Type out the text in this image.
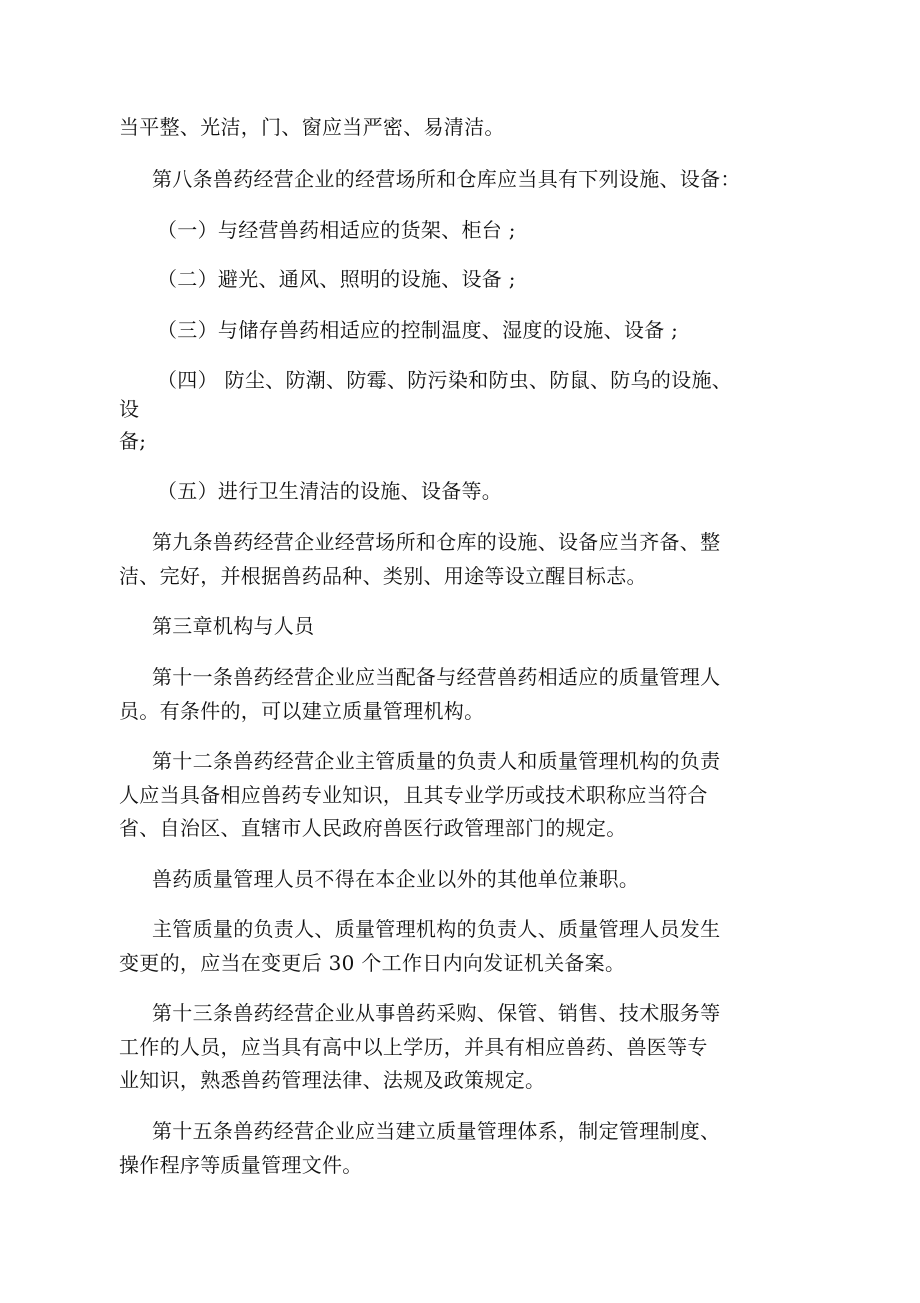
当平整、光洁，门、窗应当严密、易清洁。
第八条兽药经营企业的经营场所和仓库应当具有下列设施、设备：
（一）与经营兽药相适应的货架、柜台 ;
（二）避光、通风、照明的设施、设备 ;
（三）与储存兽药相适应的控制温度、湿度的设施、设备 ;
（四） 防尘、防潮、防霉、防污染和防虫、防鼠、防乌的设施、
设
备;
（五）进行卫生清洁的设施、设备等。
第九条兽药经营企业经营场所和仓库的设施、设备应当齐备、整
洁、完好，并根据兽药品种、类别、用途等设立醒目标志。
第三章机构与人员
第十一条兽药经营企业应当配备与经营兽药相适应的质量管理人
员。有条件的，可以建立质量管理机构。
第十二条兽药经营企业主管质量的负责人和质量管理机构的负责
人应当具备相应兽药专业知识，且其专业学历或技术职称应当符合
省、自治区、直辖市人民政府兽医行政管理部门的规定。
兽药质量管理人员不得在本企业以外的其他单位兼职。
主管质量的负责人、质量管理机构的负责人、质量管理人员发生
变更的，应当在变更后 30 个工作日内向发证机关备案。
第十三条兽药经营企业从事兽药采购、保管、销售、技术服务等
工作的人员，应当具有高中以上学历，并具有相应兽药、兽医等专
业知识，熟悉兽药管理法律、法规及政策规定。
第十五条兽药经营企业应当建立质量管理体系，制定管理制度、
操作程序等质量管理文件。
